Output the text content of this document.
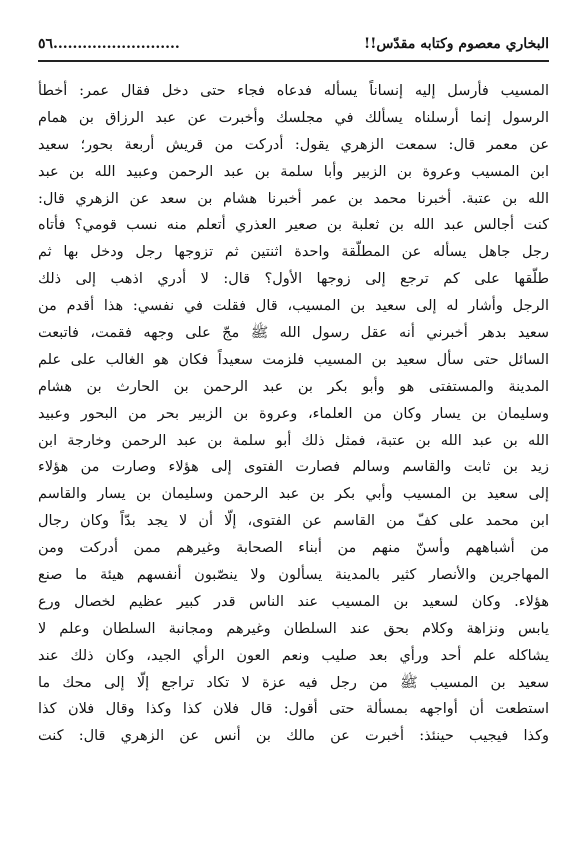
البخاري معصوم وكتابه مقدّس!!
..........................٥٦
المسيب فأرسل إليه إنساناً يسأله فدعاه فجاء حتى دخل فقال عمر: أخطأ
الرسول إنما أرسلناه يسألك في مجلسك وأخبرت عن عبد الرزاق بن همام
عن معمر قال: سمعت الزهري يقول: أدركت من قريش أربعة بحور؛ سعيد
ابن المسيب وعروة بن الزبير وأبا سلمة بن عبد الرحمن وعبيد الله بن عبد
الله بن عتبة. أخبرنا محمد بن عمر أخبرنا هشام بن سعد عن الزهري قال:
كنت أجالس عبد الله بن ثعلبة بن صعير العذري أتعلم منه نسب قومي؟ فأتاه
رجل جاهل يسأله عن المطلّقة واحدة اثنتين ثم تزوجها رجل ودخل بها ثم
طلّقها على كم ترجع إلى زوجها الأول؟ قال: لا أدري اذهب إلى ذلك
الرجل وأشار له إلى سعيد بن المسيب، قال فقلت في نفسي: هذا أقدم من
سعيد بدهر أخبرني أنه عقل رسول الله ﷺ مجّ على وجهه فقمت، فاتبعت
السائل حتى سأل سعيد بن المسيب فلزمت سعيداً فكان هو الغالب على علم
المدينة والمستفتى هو وأبو بكر بن عبد الرحمن بن الحارث بن هشام
وسليمان بن يسار وكان من العلماء، وعروة بن الزبير بحر من البحور وعبيد
الله بن عبد الله بن عتبة، فمثل ذلك أبو سلمة بن عبد الرحمن وخارجة ابن
زيد بن ثابت والقاسم وسالم فصارت الفتوى إلى هؤلاء وصارت من هؤلاء
إلى سعيد بن المسيب وأبي بكر بن عبد الرحمن وسليمان بن يسار والقاسم
ابن محمد على كفّ من القاسم عن الفتوى، إلّا أن لا يجد بدّاً وكان رجال
من أشباههم وأسنّ منهم من أبناء الصحابة وغيرهم ممن أدركت ومن
المهاجرين والأنصار كثير بالمدينة يسألون ولا ينصّبون أنفسهم هيئة ما صنع
هؤلاء. وكان لسعيد بن المسيب عند الناس قدر كبير عظيم لخصال ورع
يابس ونزاهة وكلام بحق عند السلطان وغيرهم ومجانبة السلطان وعلم لا
يشاكله علم أحد ورأي بعد صليب ونعم العون الرأي الجيد، وكان ذلك عند
سعيد بن المسيب ﷺ من رجل فيه عزة لا تكاد تراجع إلّا إلى محك ما
استطعت أن أواجهه بمسألة حتى أقول: قال فلان كذا وكذا وقال فلان كذا
وكذا فيجيب حينئذ: أخبرت عن مالك بن أنس عن الزهري قال: كنت
